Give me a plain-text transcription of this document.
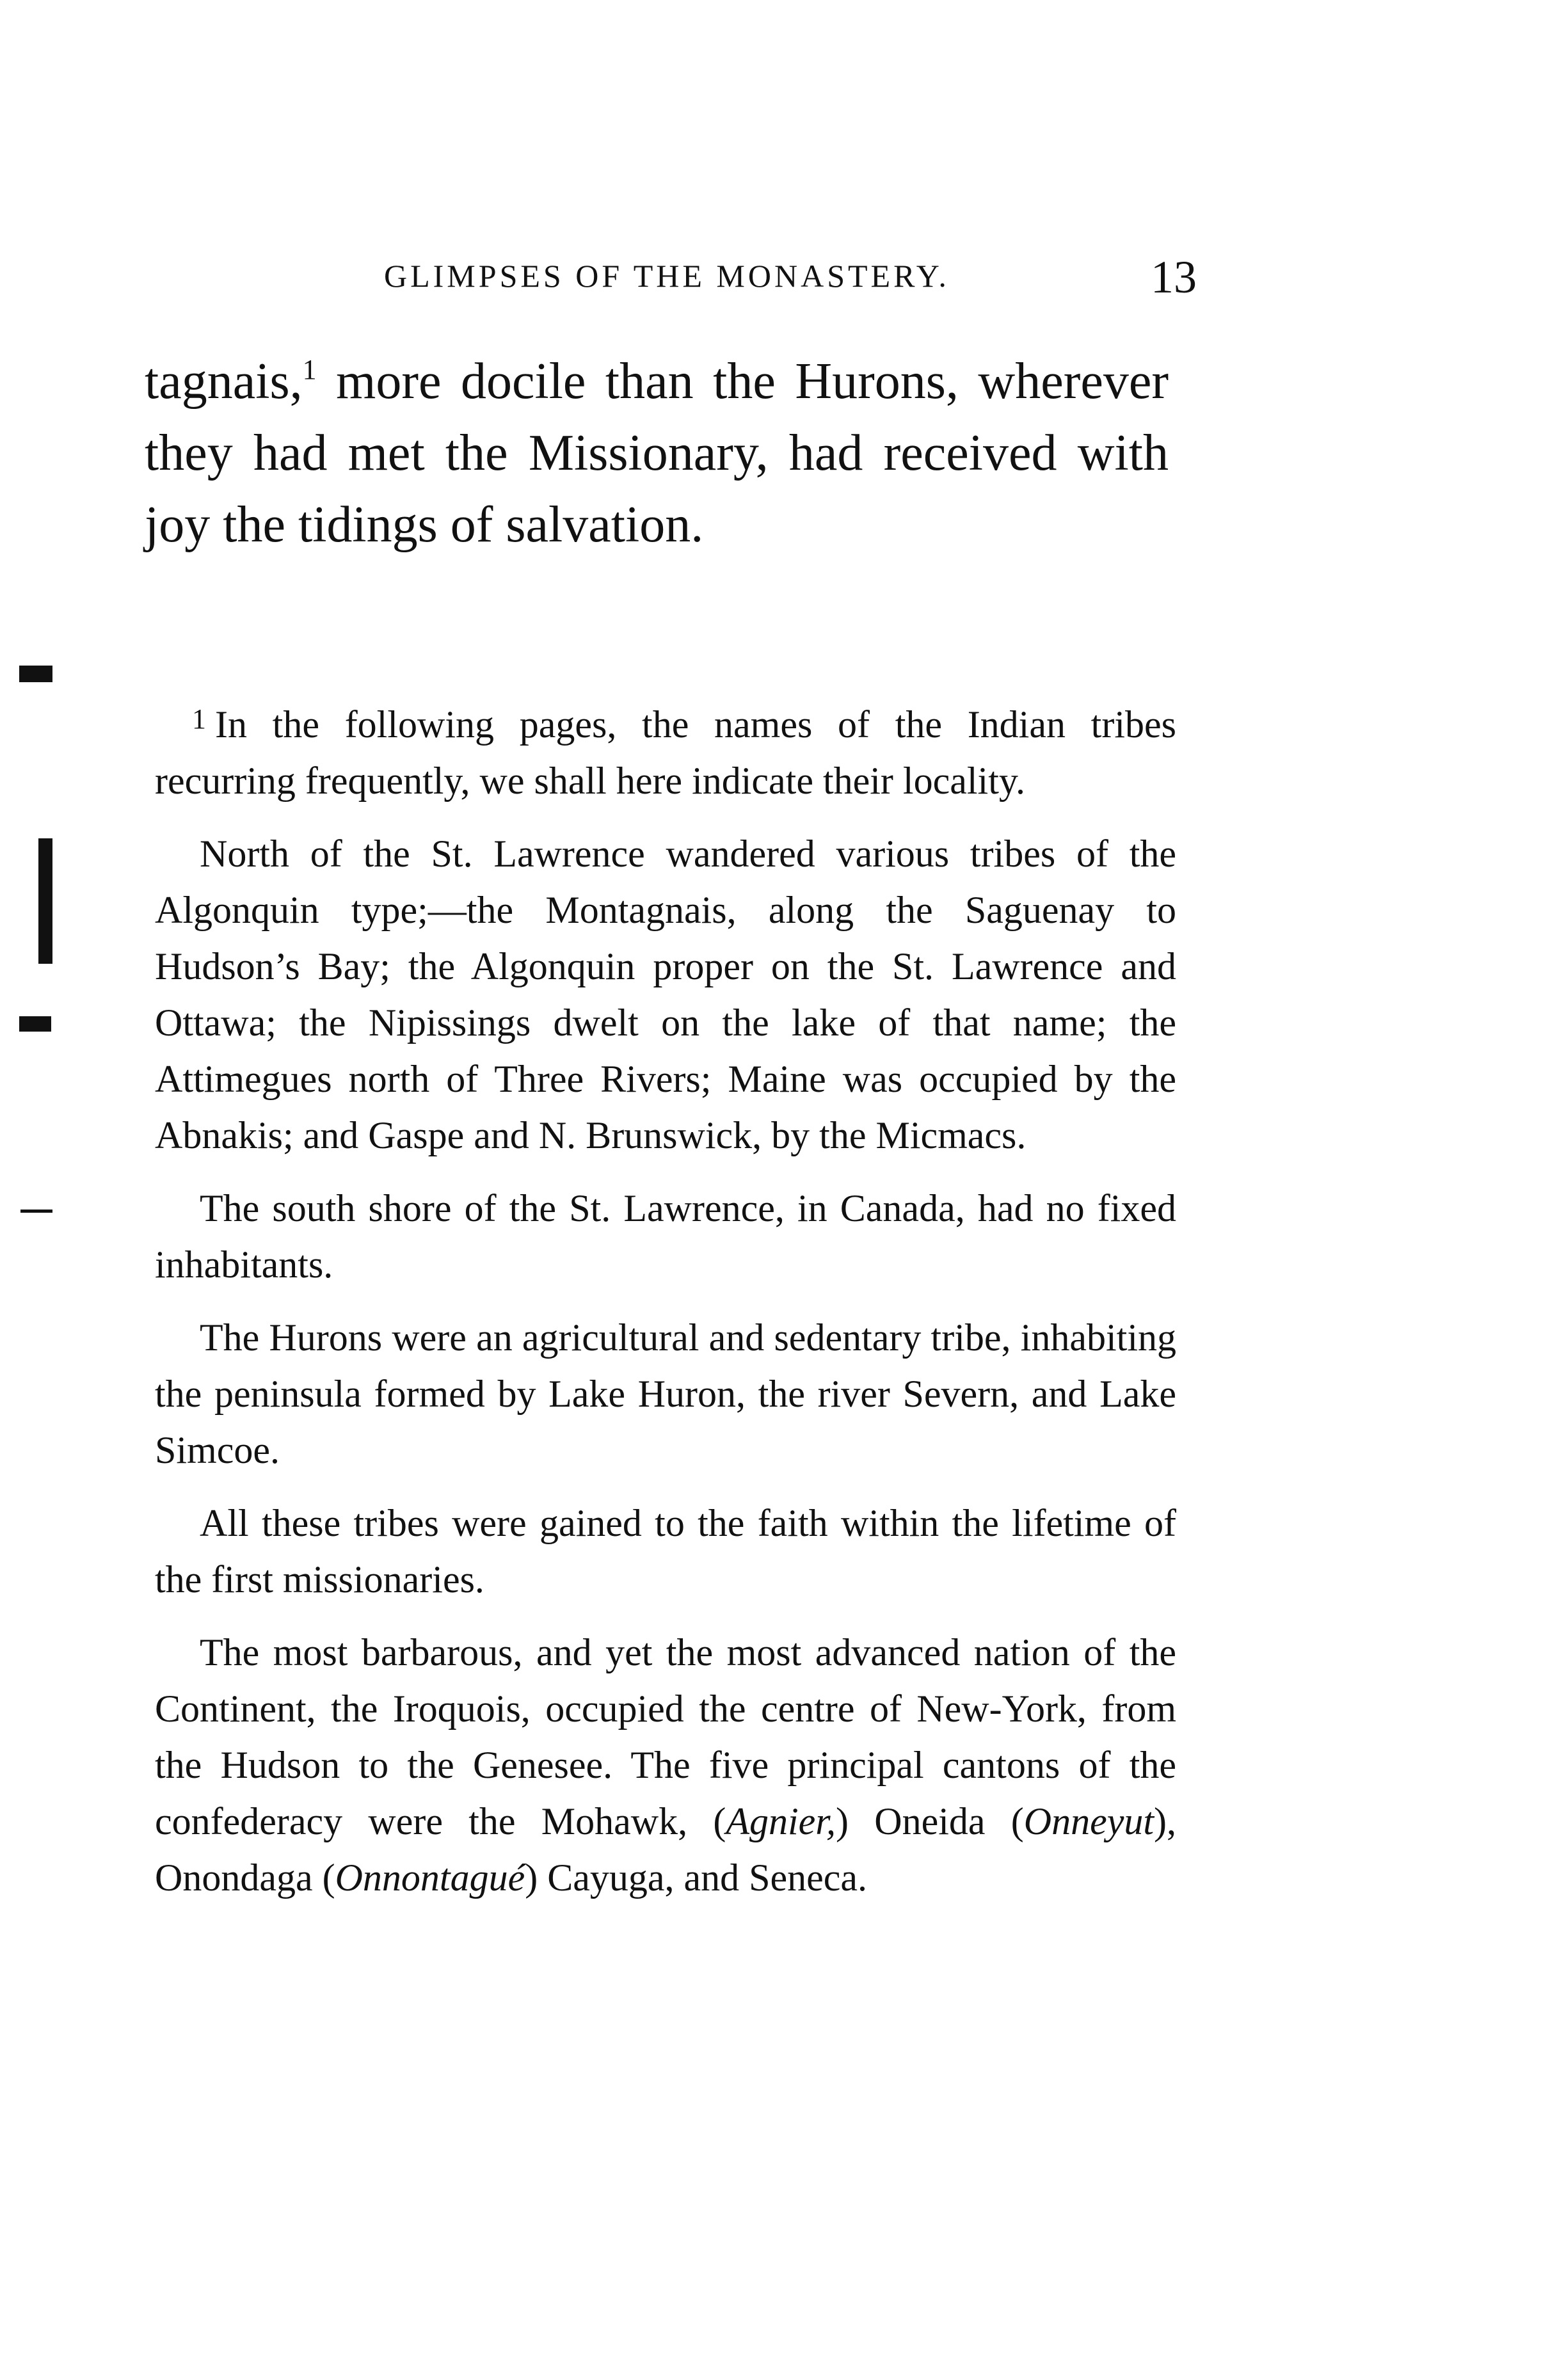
GLIMPSES OF THE MONASTERY.	13

tagnais,$^1$ more docile than the Hurons, wherever they had met the Missionary, had received with joy the tidings of salvation.

$^1$ In the following pages, the names of the Indian tribes recurring frequently, we shall here indicate their locality.

North of the St. Lawrence wandered various tribes of the Algonquin type;—the Montagnais, along the Saguenay to Hudson’s Bay; the Algonquin proper on the St. Lawrence and Ottawa; the Nipissings dwelt on the lake of that name; the Attimegues north of Three Rivers; Maine was occupied by the Abnakis; and Gaspe and N. Brunswick, by the Micmacs.

The south shore of the St. Lawrence, in Canada, had no fixed inhabitants.

The Hurons were an agricultural and sedentary tribe, inhabiting the peninsula formed by Lake Huron, the river Severn, and Lake Simcoe.

All these tribes were gained to the faith within the lifetime of the first missionaries.

The most barbarous, and yet the most advanced nation of the Continent, the Iroquois, occupied the centre of New-York, from the Hudson to the Genesee. The five principal cantons of the confederacy were the Mohawk, (Agnier,) Oneida (Onneyut), Onondaga (Onnontagué) Cayuga, and Seneca.
